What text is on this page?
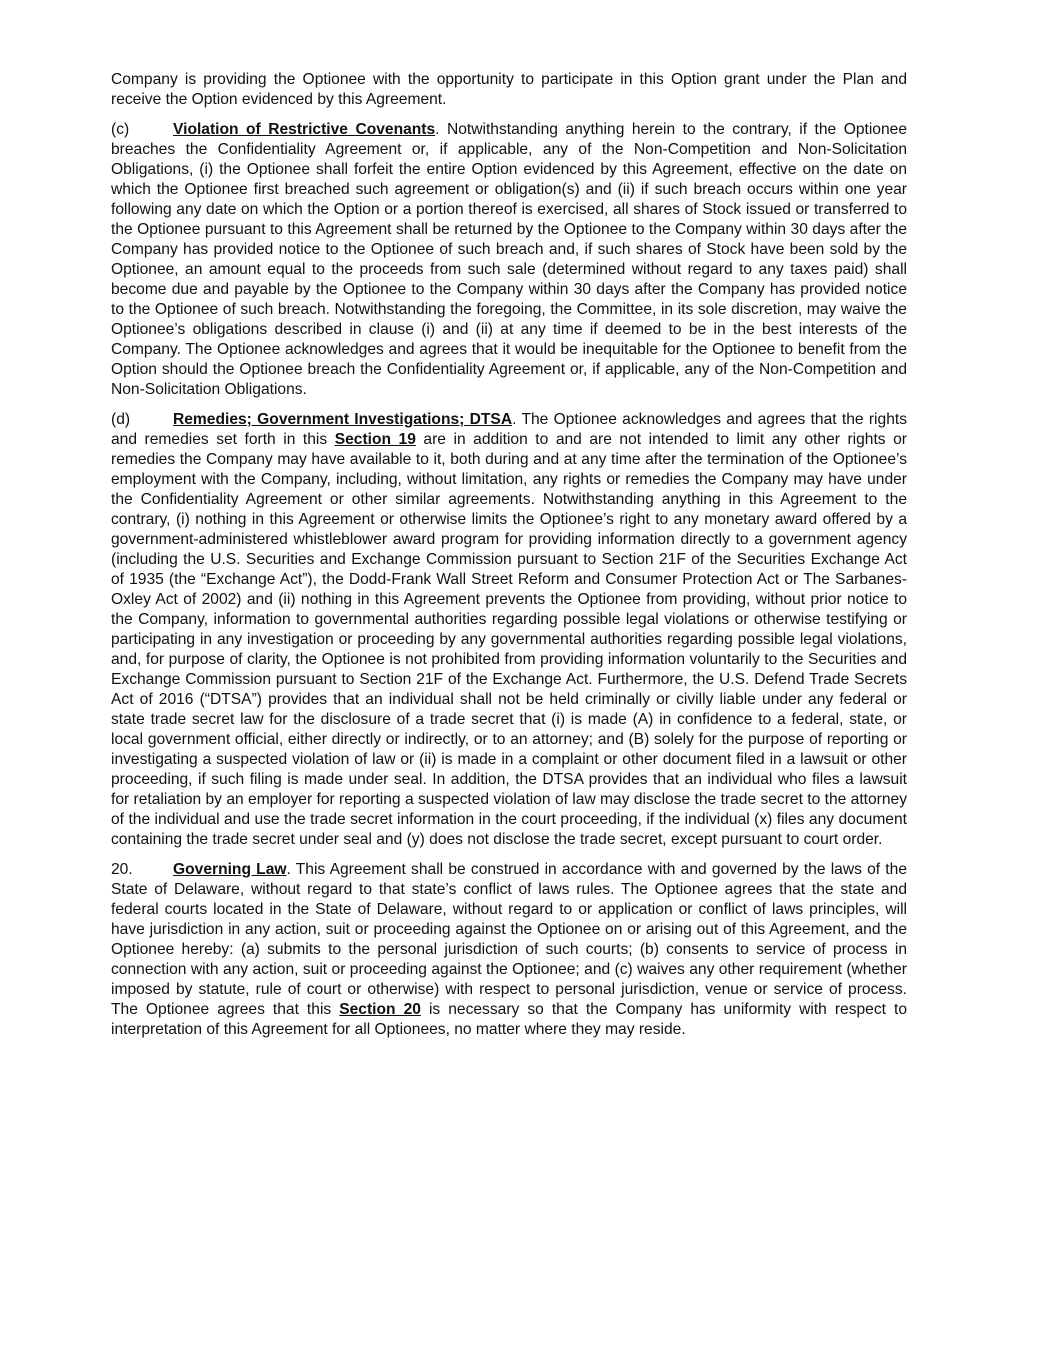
Company is providing the Optionee with the opportunity to participate in this Option grant under the Plan and receive the Option evidenced by this Agreement.

(c)	Violation of Restrictive Covenants. Notwithstanding anything herein to the contrary, if the Optionee breaches the Confidentiality Agreement or, if applicable, any of the Non-Competition and Non-Solicitation Obligations, (i) the Optionee shall forfeit the entire Option evidenced by this Agreement, effective on the date on which the Optionee first breached such agreement or obligation(s) and (ii) if such breach occurs within one year following any date on which the Option or a portion thereof is exercised, all shares of Stock issued or transferred to the Optionee pursuant to this Agreement shall be returned by the Optionee to the Company within 30 days after the Company has provided notice to the Optionee of such breach and, if such shares of Stock have been sold by the Optionee, an amount equal to the proceeds from such sale (determined without regard to any taxes paid) shall become due and payable by the Optionee to the Company within 30 days after the Company has provided notice to the Optionee of such breach. Notwithstanding the foregoing, the Committee, in its sole discretion, may waive the Optionee’s obligations described in clause (i) and (ii) at any time if deemed to be in the best interests of the Company. The Optionee acknowledges and agrees that it would be inequitable for the Optionee to benefit from the Option should the Optionee breach the Confidentiality Agreement or, if applicable, any of the Non-Competition and Non-Solicitation Obligations.

(d)	Remedies; Government Investigations; DTSA. The Optionee acknowledges and agrees that the rights and remedies set forth in this Section 19 are in addition to and are not intended to limit any other rights or remedies the Company may have available to it, both during and at any time after the termination of the Optionee’s employment with the Company, including, without limitation, any rights or remedies the Company may have under the Confidentiality Agreement or other similar agreements. Notwithstanding anything in this Agreement to the contrary, (i) nothing in this Agreement or otherwise limits the Optionee’s right to any monetary award offered by a government-administered whistleblower award program for providing information directly to a government agency (including the U.S. Securities and Exchange Commission pursuant to Section 21F of the Securities Exchange Act of 1935 (the “Exchange Act”), the Dodd-Frank Wall Street Reform and Consumer Protection Act or The Sarbanes-Oxley Act of 2002) and (ii) nothing in this Agreement prevents the Optionee from providing, without prior notice to the Company, information to governmental authorities regarding possible legal violations or otherwise testifying or participating in any investigation or proceeding by any governmental authorities regarding possible legal violations, and, for purpose of clarity, the Optionee is not prohibited from providing information voluntarily to the Securities and Exchange Commission pursuant to Section 21F of the Exchange Act. Furthermore, the U.S. Defend Trade Secrets Act of 2016 (“DTSA”) provides that an individual shall not be held criminally or civilly liable under any federal or state trade secret law for the disclosure of a trade secret that (i) is made (A) in confidence to a federal, state, or local government official, either directly or indirectly, or to an attorney; and (B) solely for the purpose of reporting or investigating a suspected violation of law or (ii) is made in a complaint or other document filed in a lawsuit or other proceeding, if such filing is made under seal. In addition, the DTSA provides that an individual who files a lawsuit for retaliation by an employer for reporting a suspected violation of law may disclose the trade secret to the attorney of the individual and use the trade secret information in the court proceeding, if the individual (x) files any document containing the trade secret under seal and (y) does not disclose the trade secret, except pursuant to court order.

20.	Governing Law. This Agreement shall be construed in accordance with and governed by the laws of the State of Delaware, without regard to that state’s conflict of laws rules. The Optionee agrees that the state and federal courts located in the State of Delaware, without regard to or application or conflict of laws principles, will have jurisdiction in any action, suit or proceeding against the Optionee on or arising out of this Agreement, and the Optionee hereby: (a) submits to the personal jurisdiction of such courts; (b) consents to service of process in connection with any action, suit or proceeding against the Optionee; and (c) waives any other requirement (whether imposed by statute, rule of court or otherwise) with respect to personal jurisdiction, venue or service of process. The Optionee agrees that this Section 20 is necessary so that the Company has uniformity with respect to interpretation of this Agreement for all Optionees, no matter where they may reside.
